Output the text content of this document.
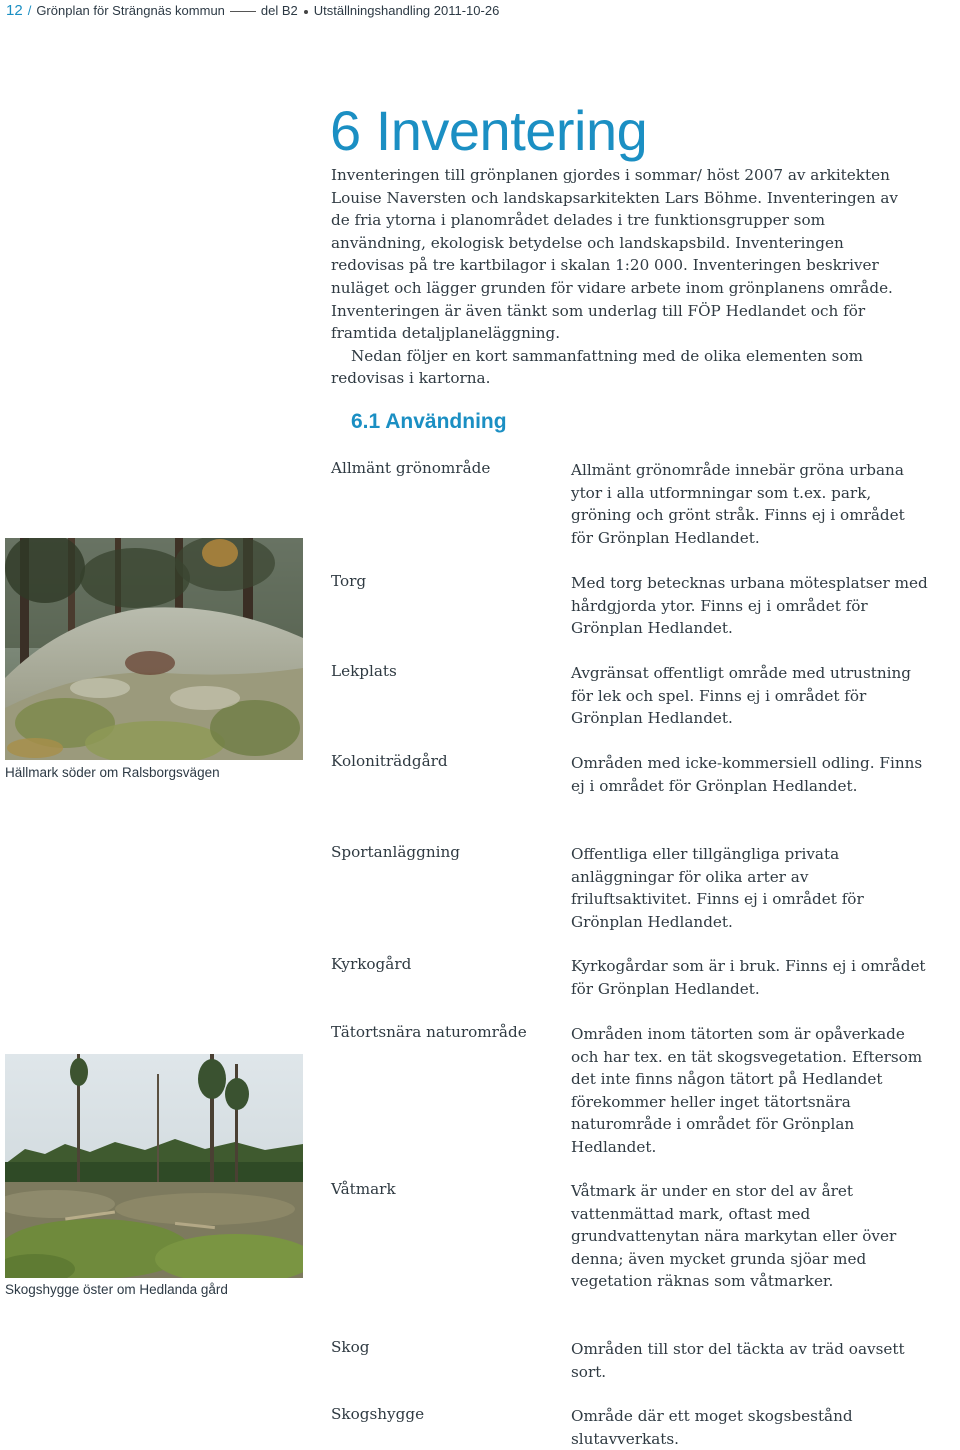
12 / Grönplan för Strängnäs kommun	del B2 Utställningshandling 2011-10-26
6 Inventering

Inventeringen till grönplanen gjordes i sommar/ höst 2007 av arkitekten Louise Naversten och landskapsarkitekten Lars Böhme. Inventeringen av de fria ytorna i planområdet delades i tre funktionsgrupper som användning, ekologisk betydelse och landskapsbild. Inventeringen redovisas på tre kartbilagor i skalan 1:20 000. Inventeringen beskriver nuläget och lägger grunden för vidare arbete inom grönplanens område. Inventeringen är även tänkt som underlag till FÖP Hedlandet och för framtida detaljplaneläggning.

Nedan följer en kort sammanfattning med de olika elementen som redovisas i kartorna.

6.1 Användning
Allmänt grönområde	Allmänt grönområde innebär gröna urbana ytor i alla utformningar som t.ex. park, gröning och grönt stråk. Finns ej i området för Grönplan Hedlandet.
Torg	Med torg betecknas urbana mötesplatser med hårdgjorda ytor. Finns ej i området för Grönplan Hedlandet.
Lekplats	Avgränsat offentligt område med utrustning för lek och spel. Finns ej i området för Grönplan Hedlandet.
Koloniträdgård	Områden med icke-kommersiell odling. Finns ej i området för Grönplan Hedlandet.
Sportanläggning	Offentliga eller tillgängliga privata anläggningar för olika arter av friluftsaktivitet. Finns ej i området för Grönplan Hedlandet.
Kyrkogård	Kyrkogårdar som är i bruk. Finns ej i området för Grönplan Hedlandet.
Tätortsnära naturområde	Områden inom tätorten som är opåverkade och har tex. en tät skogsvegetation. Eftersom det inte finns någon tätort på Hedlandet förekommer heller inget tätortsnära naturområde i området för Grönplan Hedlandet.
Våtmark	Våtmark är under en stor del av året vattenmättad mark, oftast med grundvattenytan nära markytan eller över denna; även mycket grunda sjöar med vegetation räknas som våtmarker.
Skog	Områden till stor del täckta av träd oavsett sort.
Skogshygge	Område där ett moget skogsbestånd slutavverkats.
Hällmark söder om Ralsborgsvägen
Skogshygge öster om Hedlanda gård
